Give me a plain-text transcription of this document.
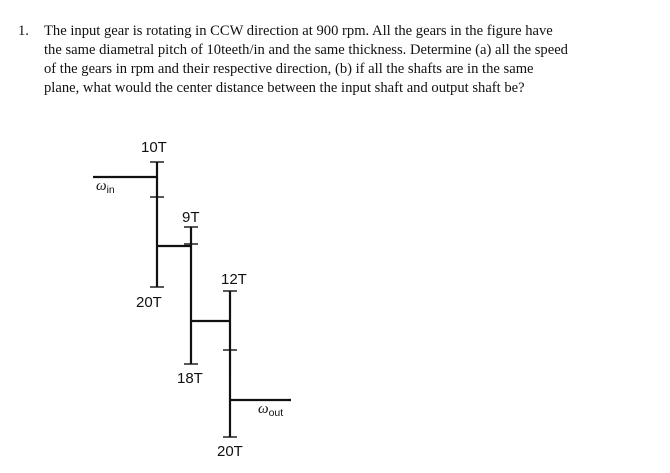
1. The input gear is rotating in CCW direction at 900 rpm. All the gears in the figure have
the same diametral pitch of 10teeth/in and the same thickness. Determine (a) all the speed
of the gears in rpm and their respective direction, (b) if all the shafts are in the same
plane, what would the center distance between the input shaft and output shaft be?
10T
20T
9T
18T
12T
20T
ωin
ωout
